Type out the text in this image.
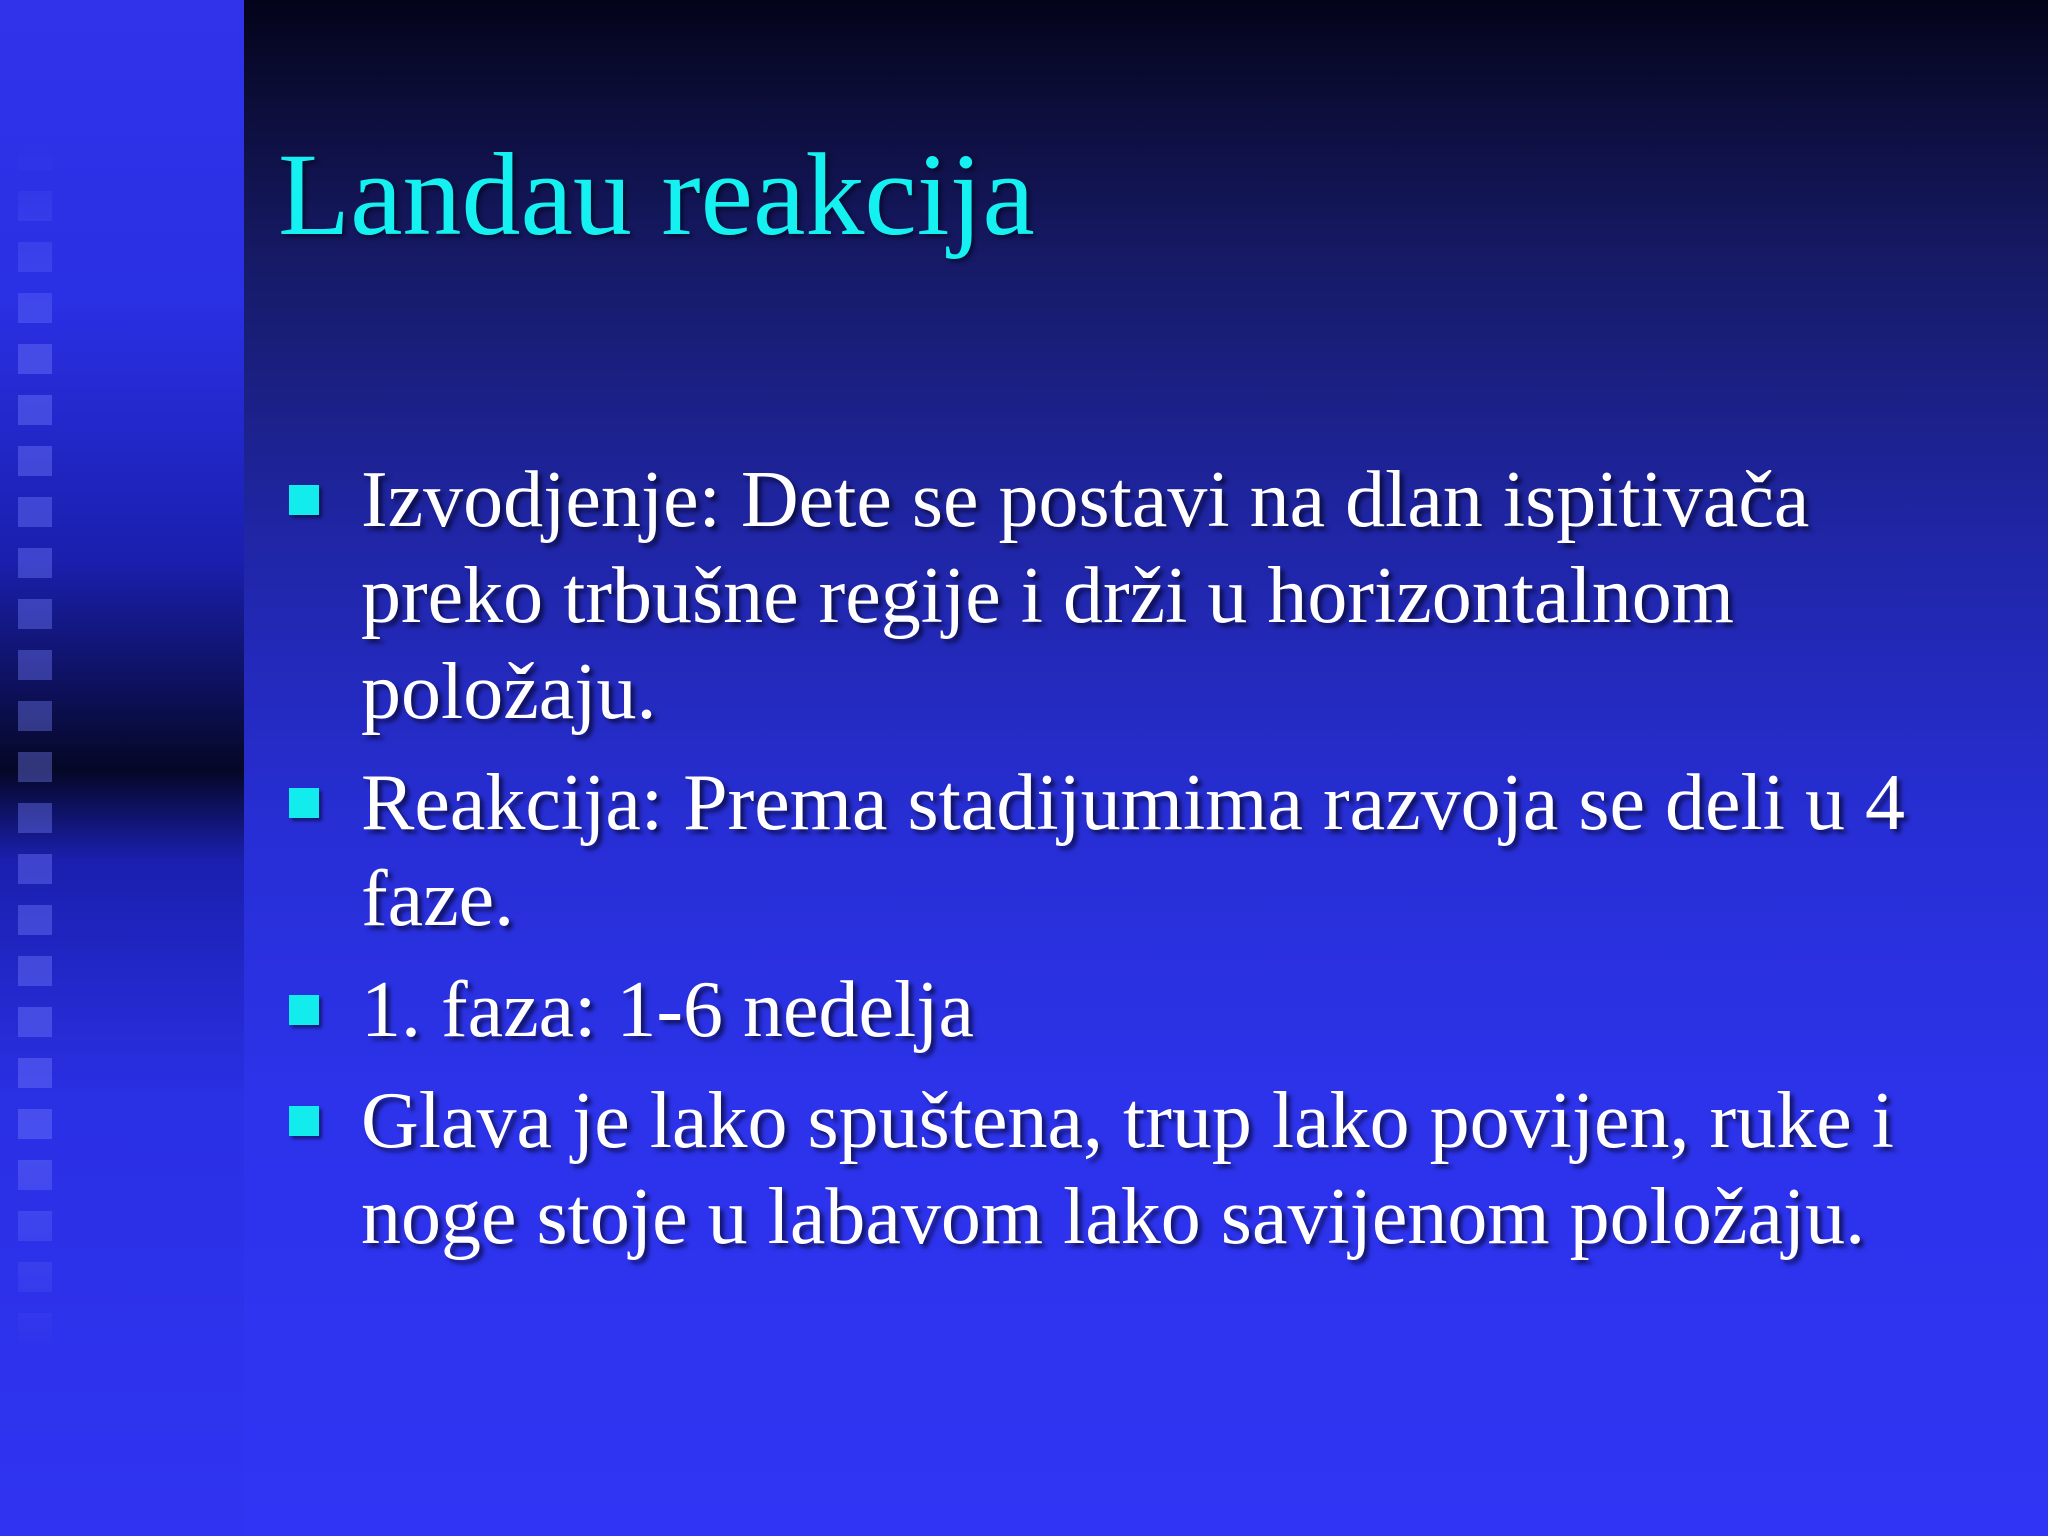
Landau reakcija
Izvodjenje: Dete se postavi na dlan ispitivača preko trbušne regije i drži u horizontalnom položaju.
Reakcija: Prema stadijumima razvoja se deli u 4 faze.
1. faza: 1-6 nedelja
Glava je lako spuštena, trup lako povijen, ruke i noge stoje u labavom lako savijenom položaju.
